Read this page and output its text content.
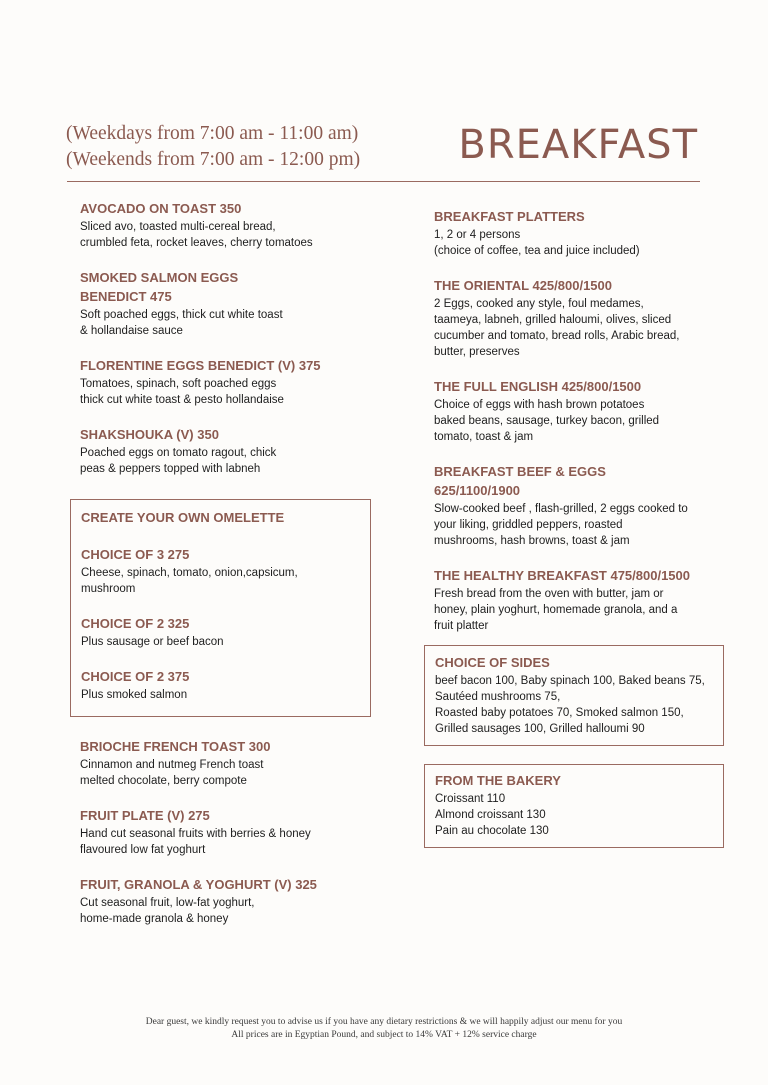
(Weekdays from 7:00 am - 11:00 am)
(Weekends from 7:00 am - 12:00 pm) BREAKFAST
AVOCADO ON TOAST 350
Sliced avo, toasted multi-cereal bread,
crumbled feta, rocket leaves, cherry tomatoes
SMOKED SALMON EGGS
BENEDICT 475
Soft poached eggs, thick cut white toast
& hollandaise sauce
FLORENTINE EGGS BENEDICT (V) 375
Tomatoes, spinach, soft poached eggs
thick cut white toast & pesto hollandaise
SHAKSHOUKA (V) 350
Poached eggs on tomato ragout, chick
peas & peppers topped with labneh
CREATE YOUR OWN OMELETTE
CHOICE OF 3 275
Cheese, spinach, tomato, onion,capsicum,
mushroom
CHOICE OF 2 325
Plus sausage or beef bacon
CHOICE OF 2 375
Plus smoked salmon
BRIOCHE FRENCH TOAST 300
Cinnamon and nutmeg French toast
melted chocolate, berry compote
FRUIT PLATE (V) 275
Hand cut seasonal fruits with berries & honey
flavoured low fat yoghurt
FRUIT, GRANOLA & YOGHURT (V) 325
Cut seasonal fruit, low-fat yoghurt,
home-made granola & honey
BREAKFAST PLATTERS
1, 2 or 4 persons
(choice of coffee, tea and juice included)
THE ORIENTAL 425/800/1500
2 Eggs, cooked any style, foul medames,
taameya, labneh, grilled haloumi, olives, sliced
cucumber and tomato, bread rolls, Arabic bread,
butter, preserves
THE FULL ENGLISH 425/800/1500
Choice of eggs with hash brown potatoes
baked beans, sausage, turkey bacon, grilled
tomato, toast & jam
BREAKFAST BEEF & EGGS
625/1100/1900
Slow-cooked beef , flash-grilled, 2 eggs cooked to
your liking, griddled peppers, roasted
mushrooms, hash browns, toast & jam
THE HEALTHY BREAKFAST 475/800/1500
Fresh bread from the oven with butter, jam or
honey, plain yoghurt, homemade granola, and a
fruit platter
CHOICE OF SIDES
beef bacon 100, Baby spinach 100, Baked beans 75,
Sautéed mushrooms 75,
Roasted baby potatoes 70, Smoked salmon 150,
Grilled sausages 100, Grilled halloumi 90
FROM THE BAKERY
Croissant 110
Almond croissant 130
Pain au chocolate 130
Dear guest, we kindly request you to advise us if you have any dietary restrictions & we will happily adjust our menu for you
All prices are in Egyptian Pound, and subject to 14% VAT + 12% service charge
